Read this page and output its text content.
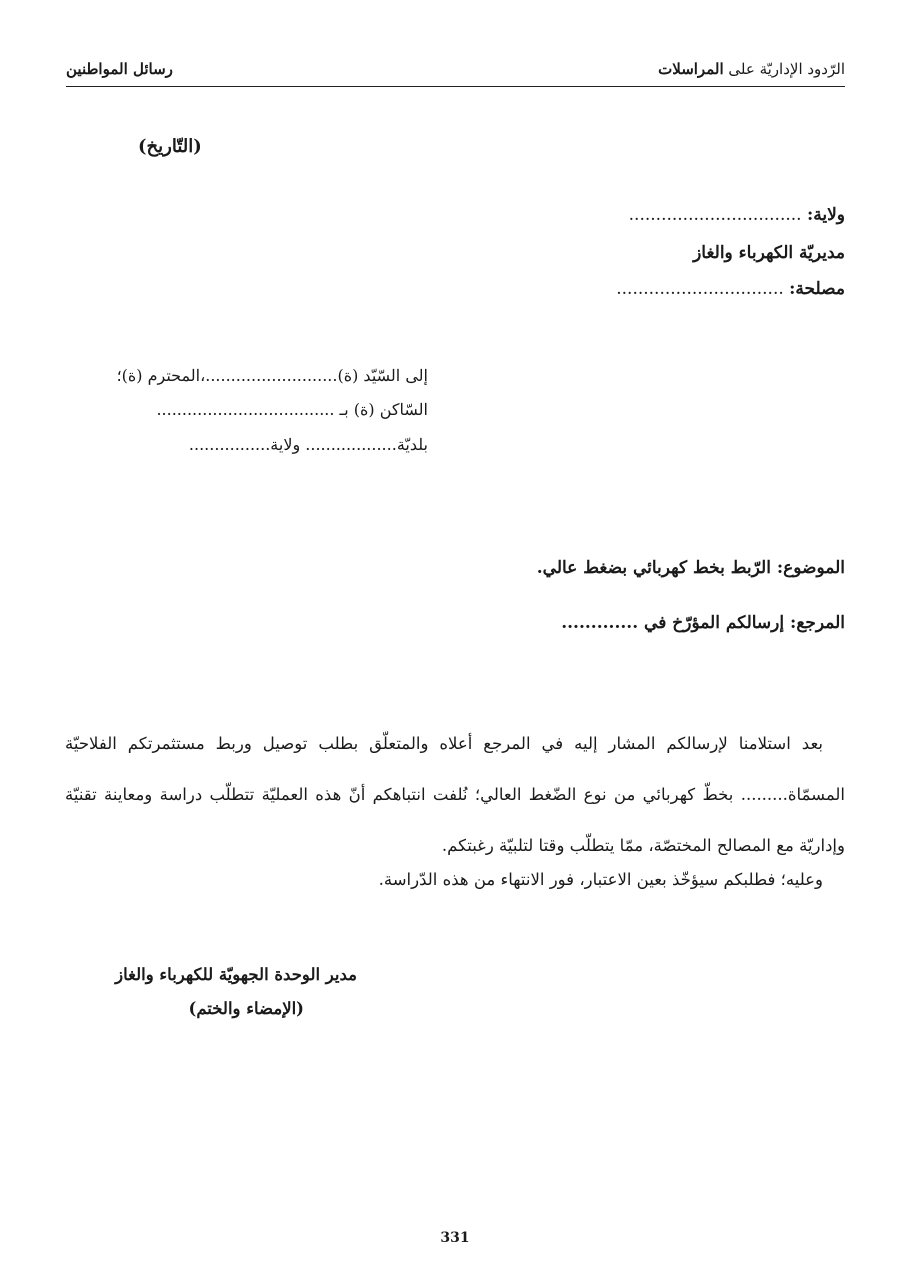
الرّدود الإداريّة على المراسلات
رسائل المواطنين
(التّاريخ)
ولاية: ................................
مديريّة الكهرباء والغاز
مصلحة: ...............................
إلى السّيّد (ة)..........................،المحترم (ة)؛
السّاكن (ة) بـ ...................................
بلديّة.................. ولاية................
الموضوع: الرّبط بخط كهربائي بضغط عالي.
المرجع: إرسالكم المؤرّخ في .............
بعد استلامنا لإرسالكم المشار إليه في المرجع أعلاه والمتعلّق بطلب توصيل وربط مستثمرتكم الفلاحيّة المسمّاة......... بخطّ كهربائي من نوع الضّغط العالي؛ نُلفت انتباهكم أنّ هذه العمليّة تتطلّب دراسة ومعاينة تقنيّة وإداريّة مع المصالح المختصّة، ممّا يتطلّب وقتا لتلبيّة رغبتكم.
وعليه؛ فطلبكم سيؤخّذ بعين الاعتبار، فور الانتهاء من هذه الدّراسة.
مدير الوحدة الجهويّة للكهرباء والغاز
(الإمضاء والختم)
331
